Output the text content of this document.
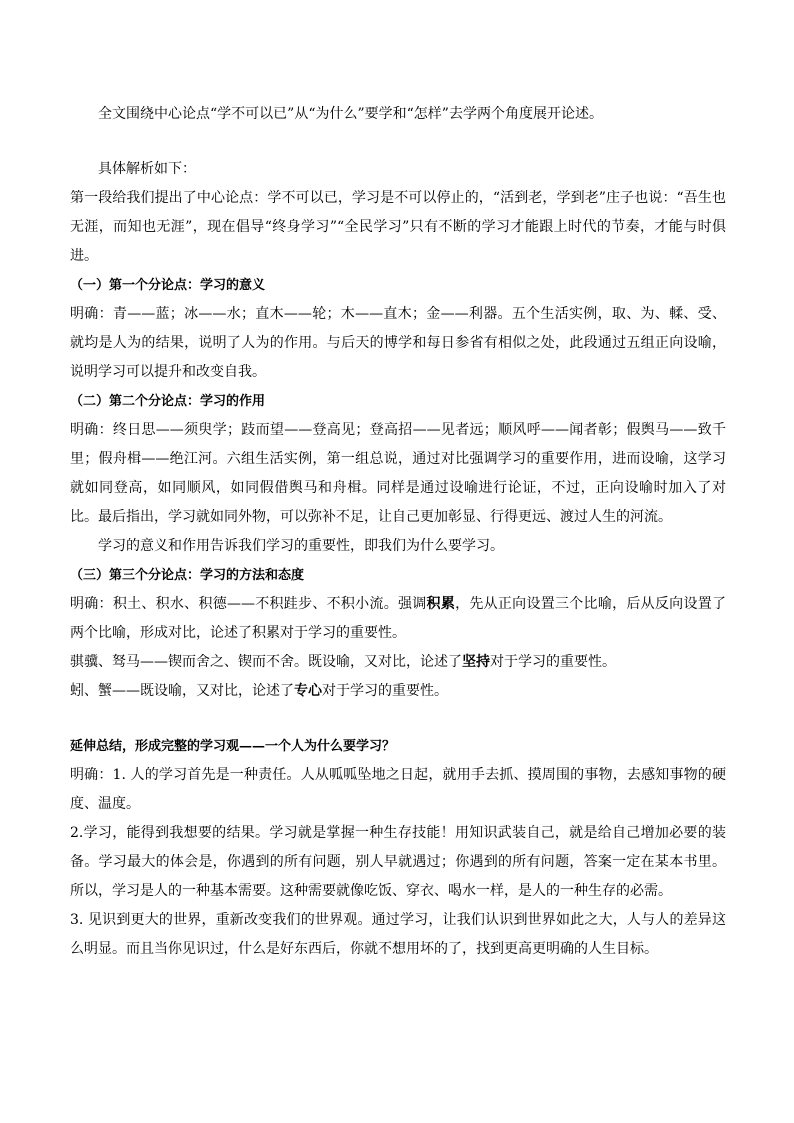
全文围绕中心论点“学不可以已”从“为什么”要学和“怎样”去学两个角度展开论述。

具体解析如下：

第一段给我们提出了中心论点：学不可以已，学习是不可以停止的，“活到老，学到老”庄子也说：“吾生也无涯，而知也无涯”，现在倡导“终身学习”“全民学习”只有不断的学习才能跟上时代的节奏，才能与时俱进。

（一）第一个分论点：学习的意义

明确：青——蓝；冰——水；直木——轮；木——直木；金——利器。五个生活实例，取、为、輮、受、就均是人为的结果，说明了人为的作用。与后天的博学和每日参省有相似之处，此段通过五组正向设喻，说明学习可以提升和改变自我。

（二）第二个分论点：学习的作用

明确：终日思——须臾学；跂而望——登高见；登高招——见者远；顺风呼——闻者彰；假舆马——致千里；假舟楫——绝江河。六组生活实例，第一组总说，通过对比强调学习的重要作用，进而设喻，这学习就如同登高，如同顺风，如同假借舆马和舟楫。同样是通过设喻进行论证，不过，正向设喻时加入了对比。最后指出，学习就如同外物，可以弥补不足，让自己更加彰显、行得更远、渡过人生的河流。

学习的意义和作用告诉我们学习的重要性，即我们为什么要学习。

（三）第三个分论点：学习的方法和态度

明确：积土、积水、积德——不积跬步、不积小流。强调积累，先从正向设置三个比喻，后从反向设置了两个比喻，形成对比，论述了积累对于学习的重要性。

骐骥、驽马——锲而舍之、锲而不舍。既设喻，又对比，论述了坚持对于学习的重要性。

蚓、蟹——既设喻，又对比，论述了专心对于学习的重要性。

延伸总结，形成完整的学习观——一个人为什么要学习？

明确：1. 人的学习首先是一种责任。人从呱呱坠地之日起，就用手去抓、摸周围的事物，去感知事物的硬度、温度。

2.学习，能得到我想要的结果。学习就是掌握一种生存技能！用知识武装自己，就是给自己增加必要的装备。学习最大的体会是，你遇到的所有问题，别人早就遇过；你遇到的所有问题，答案一定在某本书里。所以，学习是人的一种基本需要。这种需要就像吃饭、穿衣、喝水一样，是人的一种生存的必需。

3. 见识到更大的世界，重新改变我们的世界观。通过学习，让我们认识到世界如此之大，人与人的差异这么明显。而且当你见识过，什么是好东西后，你就不想用坏的了，找到更高更明确的人生目标。
